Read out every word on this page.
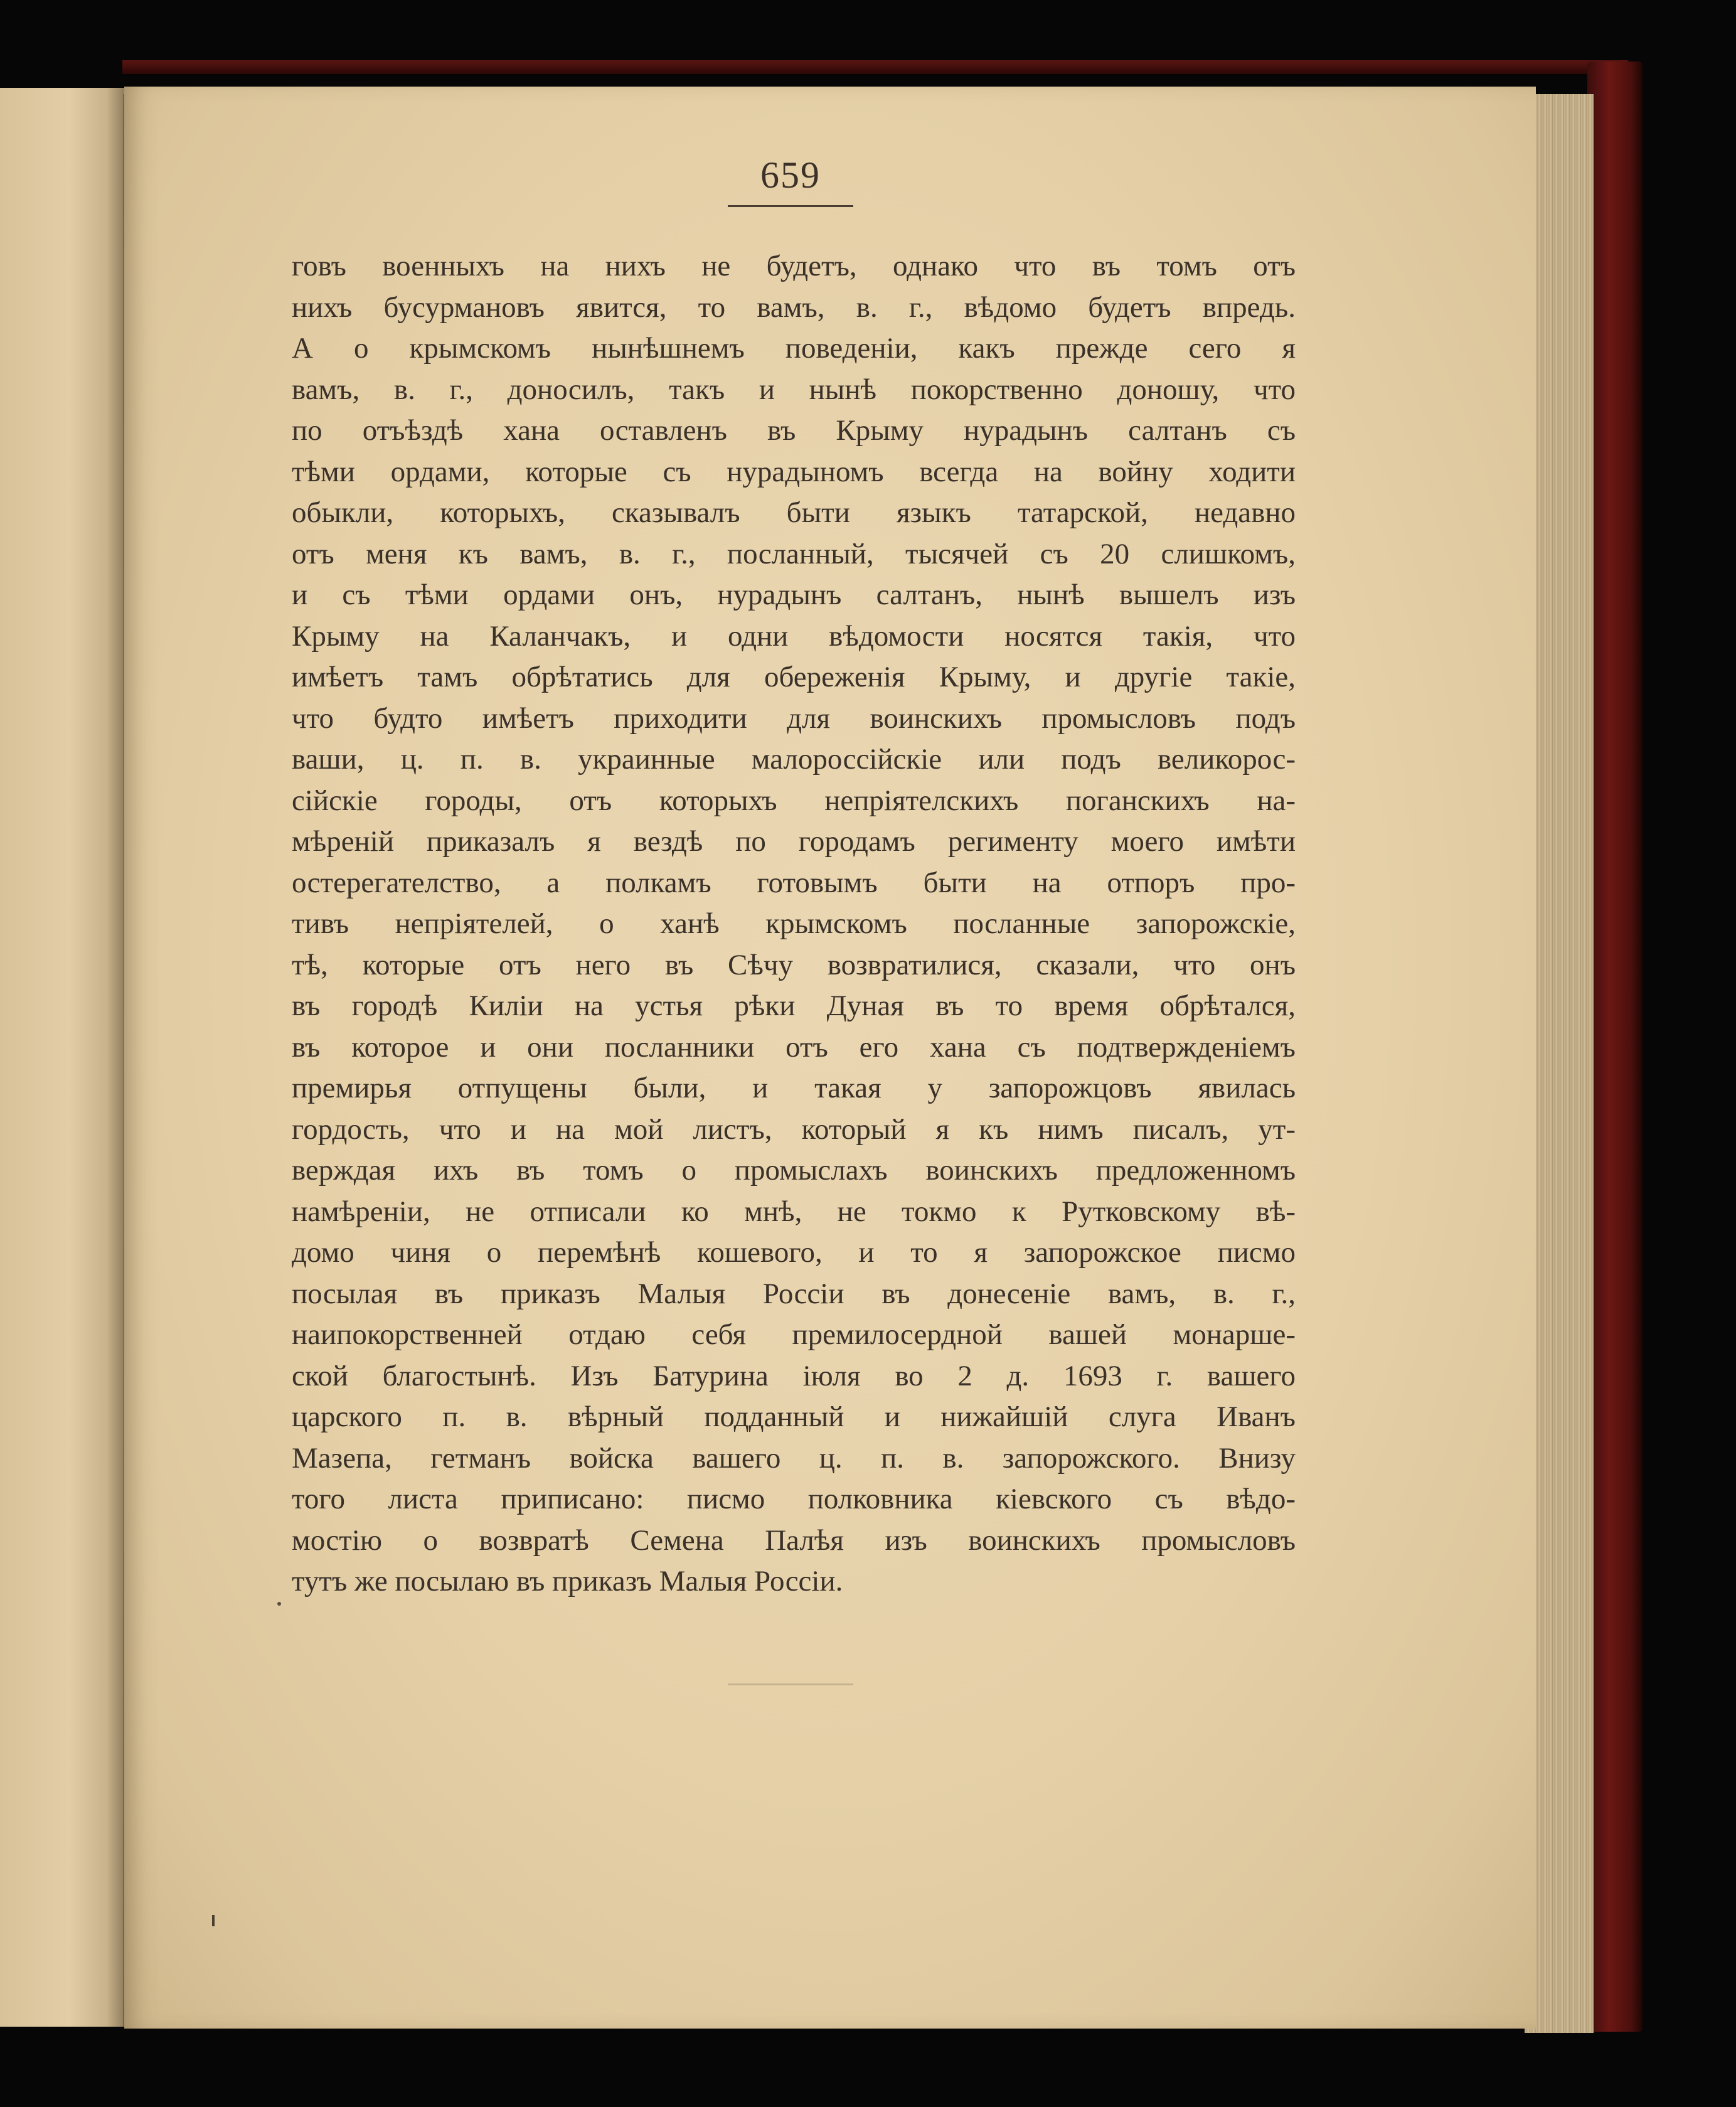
659
говъ военныхъ на нихъ не будетъ, однако что въ томъ отъ
нихъ бусурмановъ явится, то вамъ, в. г., вѣдомо будетъ впредь.
А о крымскомъ нынѣшнемъ поведеніи, какъ прежде сего я
вамъ, в. г., доносилъ, такъ и нынѣ покорственно доношу, что
по отъѣздѣ хана оставленъ въ Крыму нурадынъ салтанъ съ
тѣми ордами, которые съ нурадыномъ всегда на войну ходити
обыкли, которыхъ, сказывалъ быти языкъ татарской, недавно
отъ меня къ вамъ, в. г., посланный, тысячей съ 20 слишкомъ,
и съ тѣми ордами онъ, нурадынъ салтанъ, нынѣ вышелъ изъ
Крыму на Каланчакъ, и одни вѣдомости носятся такія, что
имѣетъ тамъ обрѣтатись для обереженія Крыму, и другіе такіе,
что будто имѣетъ приходити для воинскихъ промысловъ подъ
ваши, ц. п. в. украинные малороссійскіе или подъ великорос-
сійскіе городы, отъ которыхъ непріятелскихъ поганскихъ на-
мѣреній приказалъ я вездѣ по городамъ регименту моего имѣти
остерегателство, а полкамъ готовымъ быти на отпоръ про-
тивъ непріятелей, о ханѣ крымскомъ посланные запорожскіе,
тѣ, которые отъ него въ Сѣчу возвратилися, сказали, что онъ
въ городѣ Киліи на устья рѣки Дуная въ то время обрѣтался,
въ которое и они посланники отъ его хана съ подтвержденіемъ
премирья отпущены были, и такая у запорожцовъ явилась
гордость, что и на мой листъ, который я къ нимъ писалъ, ут-
верждая ихъ въ томъ о промыслахъ воинскихъ предложенномъ
намѣреніи, не отписали ко мнѣ, не токмо к Рутковскому вѣ-
домо чиня о перемѣнѣ кошевого, и то я запорожское писмо
посылая въ приказъ Малыя Россіи въ донесеніе вамъ, в. г.,
наипокорственней отдаю себя премилосердной вашей монарше-
ской благостынѣ. Изъ Батурина іюля во 2 д. 1693 г. вашего
царского п. в. вѣрный подданный и нижайшій слуга Иванъ
Мазепа, гетманъ войска вашего ц. п. в. запорожского. Внизу
того листа приписано: писмо полковника кіевского съ вѣдо-
мостію о возвратѣ Семена Палѣя изъ воинскихъ промысловъ
тутъ же посылаю въ приказъ Малыя Россіи.
